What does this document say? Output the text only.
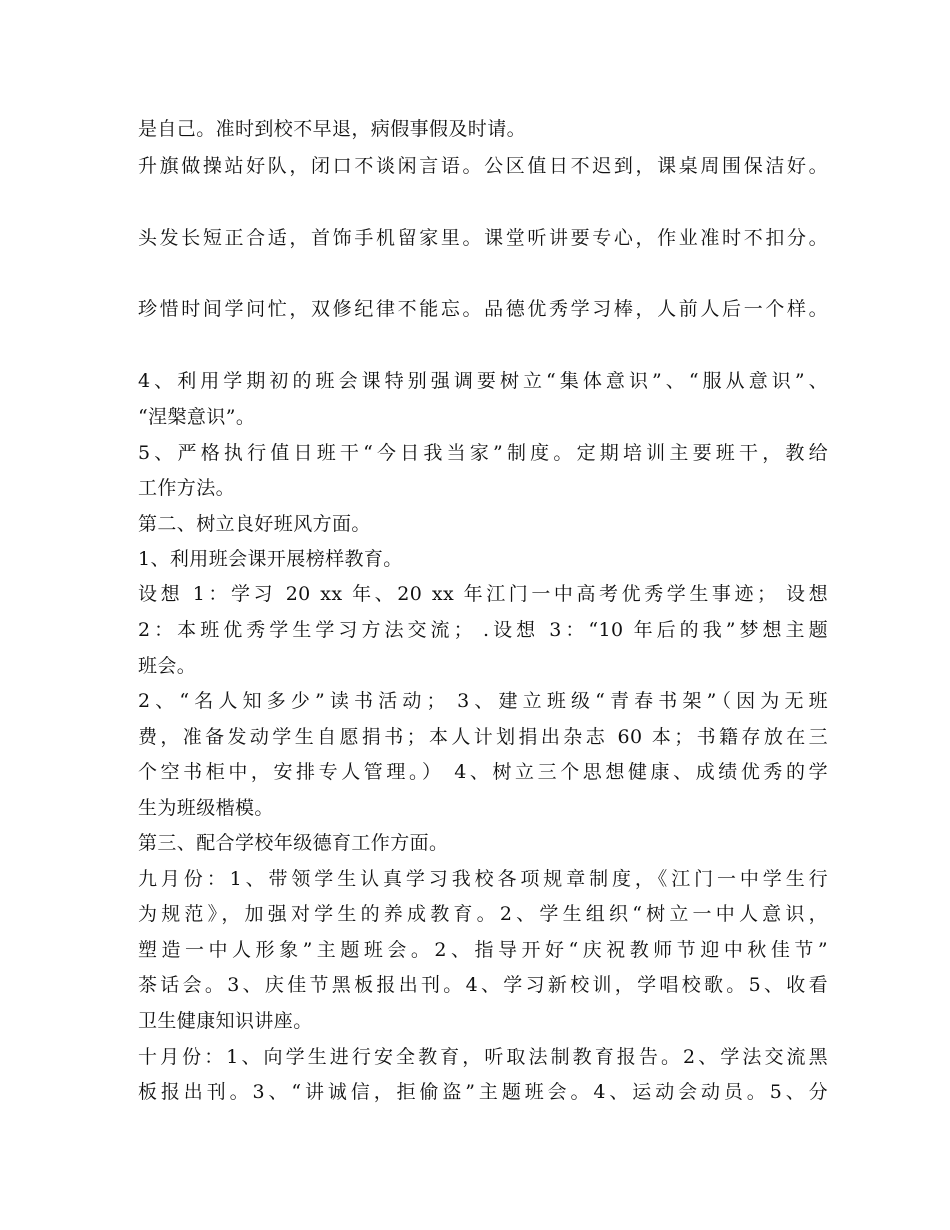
是自己。准时到校不早退，病假事假及时请。
升旗做操站好队，闭口不谈闲言语。公区值日不迟到，课桌周围保洁好。
头发长短正合适，首饰手机留家里。课堂听讲要专心，作业准时不扣分。
珍惜时间学问忙，双修纪律不能忘。品德优秀学习棒，人前人后一个样。
4、利用学期初的班会课特别强调要树立“集体意识”、“服从意识”、
“涅槃意识”。
5、严格执行值日班干“今日我当家”制度。定期培训主要班干，教给
工作方法。
第二、树立良好班风方面。
1、利用班会课开展榜样教育。
设想 1：学习 20 xx 年、20 xx 年江门一中高考优秀学生事迹； 设想
2：本班优秀学生学习方法交流； .设想 3：“10 年后的我”梦想主题
班会。
2、“名人知多少”读书活动； 3、建立班级“青春书架”（因为无班
费，准备发动学生自愿捐书；本人计划捐出杂志 60 本；书籍存放在三
个空书柜中，安排专人管理。） 4、树立三个思想健康、成绩优秀的学
生为班级楷模。
第三、配合学校年级德育工作方面。
九月份：1、带领学生认真学习我校各项规章制度，《江门一中学生行
为规范》，加强对学生的养成教育。2、学生组织“树立一中人意识，
塑造一中人形象”主题班会。2、指导开好“庆祝教师节迎中秋佳节”
茶话会。3、庆佳节黑板报出刊。4、学习新校训，学唱校歌。5、收看
卫生健康知识讲座。
十月份：1、向学生进行安全教育，听取法制教育报告。2、学法交流黑
板报出刊。3、“讲诚信，拒偷盗”主题班会。4、运动会动员。5、分
